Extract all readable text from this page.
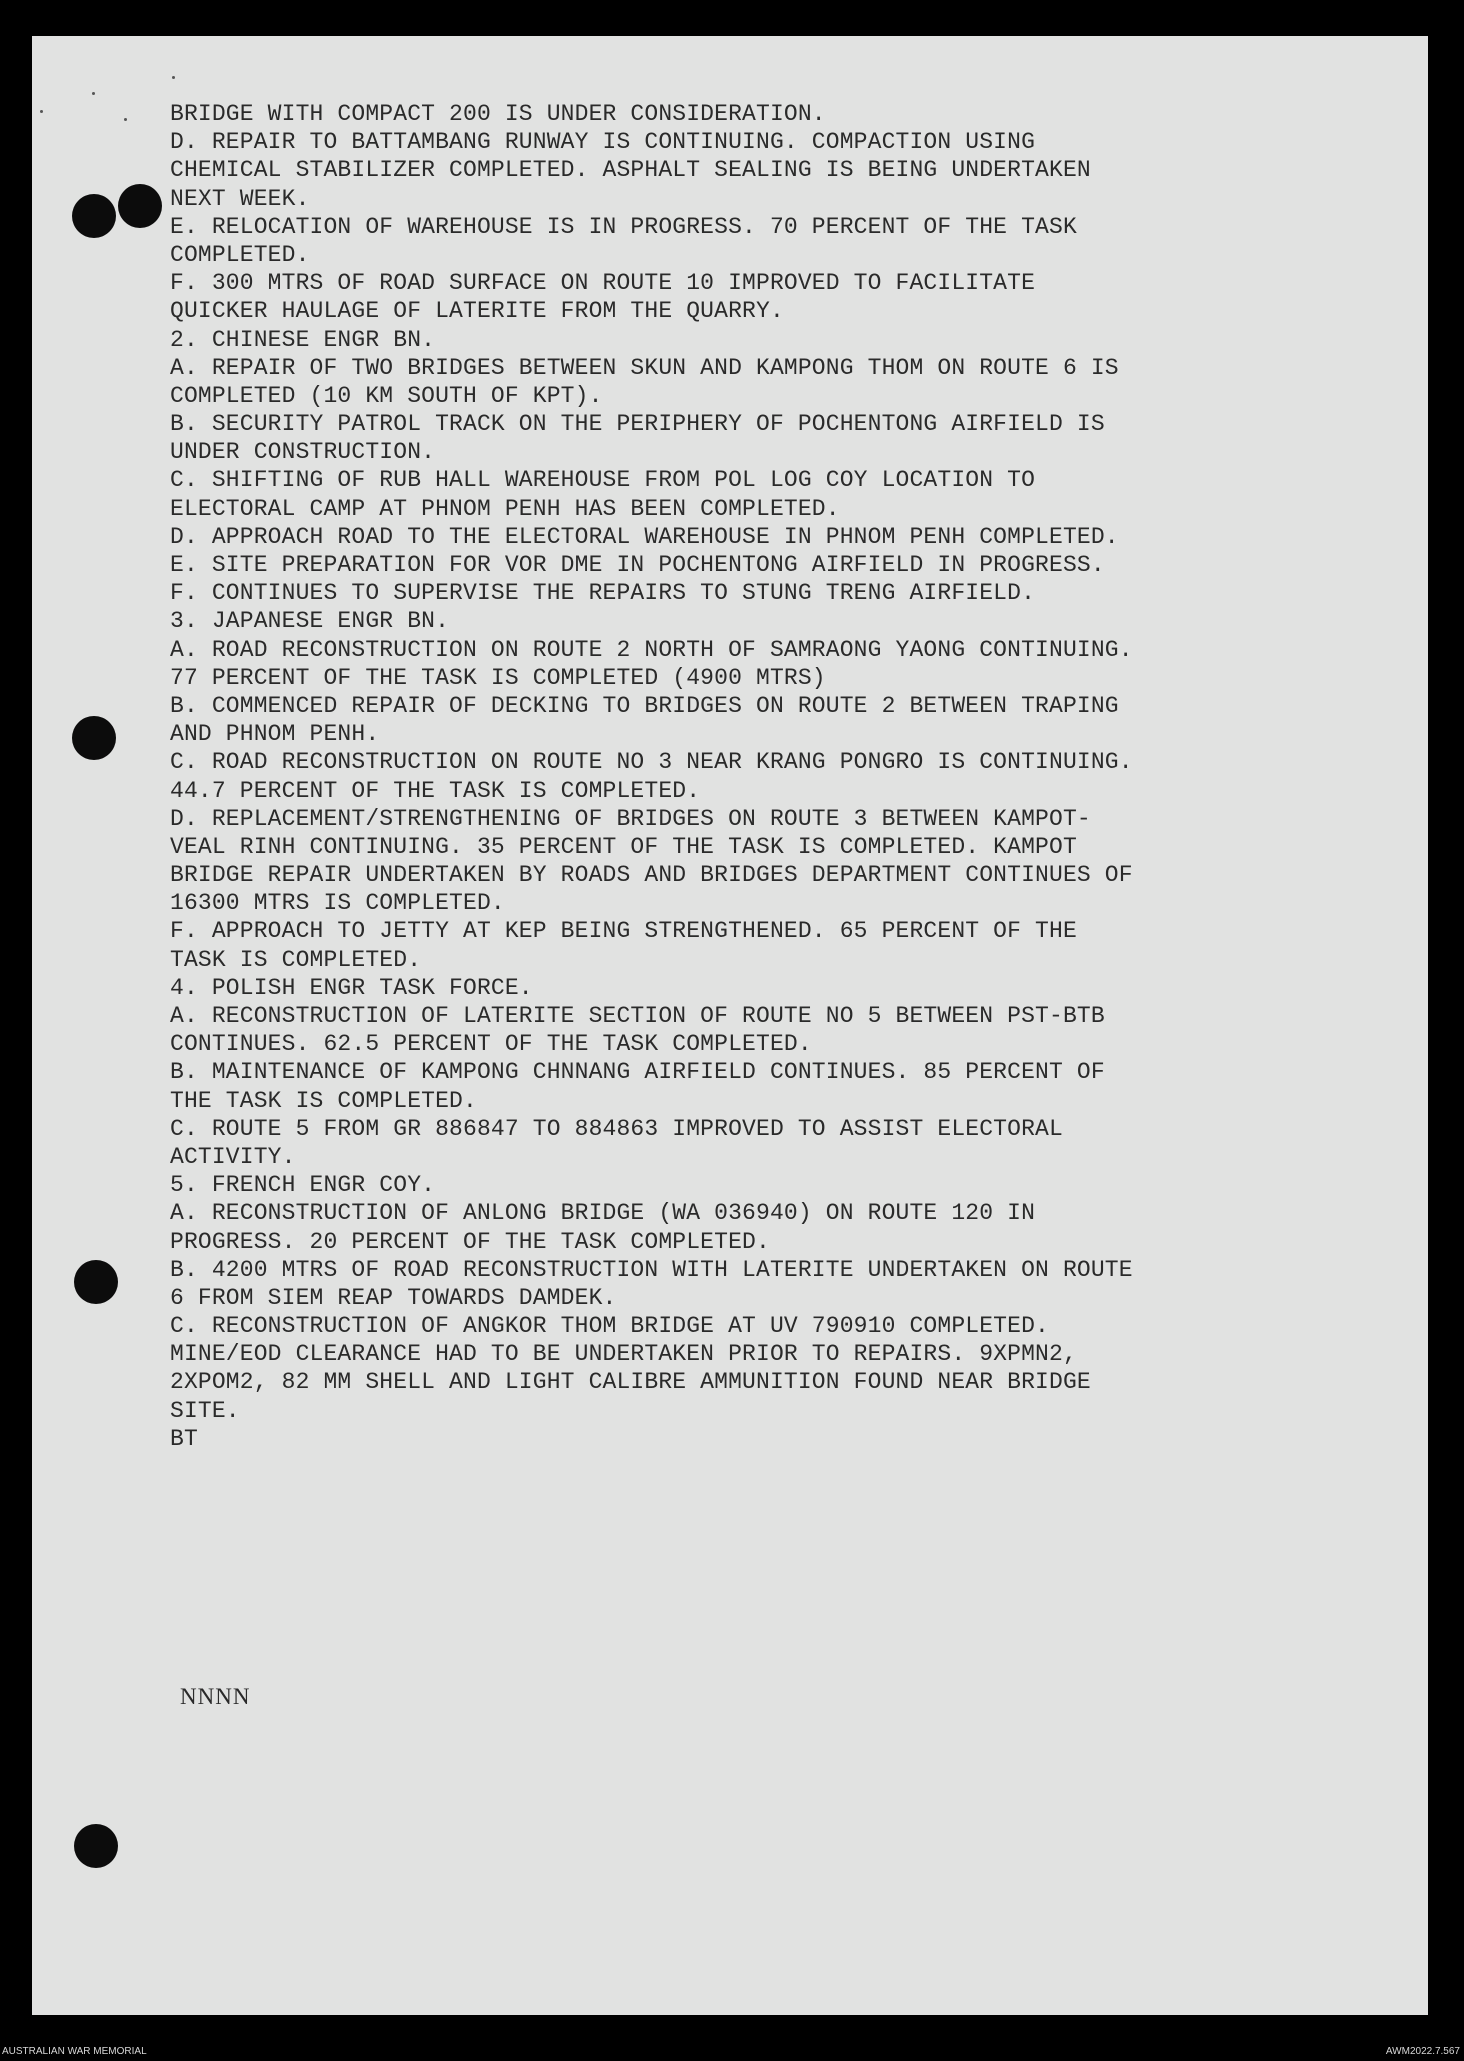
BRIDGE WITH COMPACT 200 IS UNDER CONSIDERATION.
D. REPAIR TO BATTAMBANG RUNWAY IS CONTINUING. COMPACTION USING
CHEMICAL STABILIZER COMPLETED. ASPHALT SEALING IS BEING UNDERTAKEN
NEXT WEEK.
E. RELOCATION OF WAREHOUSE IS IN PROGRESS. 70 PERCENT OF THE TASK
COMPLETED.
F. 300 MTRS OF ROAD SURFACE ON ROUTE 10 IMPROVED TO FACILITATE
QUICKER HAULAGE OF LATERITE FROM THE QUARRY.
2. CHINESE ENGR BN.
A. REPAIR OF TWO BRIDGES BETWEEN SKUN AND KAMPONG THOM ON ROUTE 6 IS
COMPLETED (10 KM SOUTH OF KPT).
B. SECURITY PATROL TRACK ON THE PERIPHERY OF POCHENTONG AIRFIELD IS
UNDER CONSTRUCTION.
C. SHIFTING OF RUB HALL WAREHOUSE FROM POL LOG COY LOCATION TO
ELECTORAL CAMP AT PHNOM PENH HAS BEEN COMPLETED.
D. APPROACH ROAD TO THE ELECTORAL WAREHOUSE IN PHNOM PENH COMPLETED.
E. SITE PREPARATION FOR VOR DME IN POCHENTONG AIRFIELD IN PROGRESS.
F. CONTINUES TO SUPERVISE THE REPAIRS TO STUNG TRENG AIRFIELD.
3. JAPANESE ENGR BN.
A. ROAD RECONSTRUCTION ON ROUTE 2 NORTH OF SAMRAONG YAONG CONTINUING.
77 PERCENT OF THE TASK IS COMPLETED (4900 MTRS)
B. COMMENCED REPAIR OF DECKING TO BRIDGES ON ROUTE 2 BETWEEN TRAPING
AND PHNOM PENH.
C. ROAD RECONSTRUCTION ON ROUTE NO 3 NEAR KRANG PONGRO IS CONTINUING.
44.7 PERCENT OF THE TASK IS COMPLETED.
D. REPLACEMENT/STRENGTHENING OF BRIDGES ON ROUTE 3 BETWEEN KAMPOT-
VEAL RINH CONTINUING. 35 PERCENT OF THE TASK IS COMPLETED. KAMPOT
BRIDGE REPAIR UNDERTAKEN BY ROADS AND BRIDGES DEPARTMENT CONTINUES OF
16300 MTRS IS COMPLETED.
F. APPROACH TO JETTY AT KEP BEING STRENGTHENED. 65 PERCENT OF THE
TASK IS COMPLETED.
4. POLISH ENGR TASK FORCE.
A. RECONSTRUCTION OF LATERITE SECTION OF ROUTE NO 5 BETWEEN PST-BTB
CONTINUES. 62.5 PERCENT OF THE TASK COMPLETED.
B. MAINTENANCE OF KAMPONG CHNNANG AIRFIELD CONTINUES. 85 PERCENT OF
THE TASK IS COMPLETED.
C. ROUTE 5 FROM GR 886847 TO 884863 IMPROVED TO ASSIST ELECTORAL
ACTIVITY.
5. FRENCH ENGR COY.
A. RECONSTRUCTION OF ANLONG BRIDGE (WA 036940) ON ROUTE 120 IN
PROGRESS. 20 PERCENT OF THE TASK COMPLETED.
B. 4200 MTRS OF ROAD RECONSTRUCTION WITH LATERITE UNDERTAKEN ON ROUTE
6 FROM SIEM REAP TOWARDS DAMDEK.
C. RECONSTRUCTION OF ANGKOR THOM BRIDGE AT UV 790910 COMPLETED.
MINE/EOD CLEARANCE HAD TO BE UNDERTAKEN PRIOR TO REPAIRS. 9XPMN2,
2XPOM2, 82 MM SHELL AND LIGHT CALIBRE AMMUNITION FOUND NEAR BRIDGE
SITE.
BT
NNNN
AUSTRALIAN WAR MEMORIAL	AWM2022.7.567
